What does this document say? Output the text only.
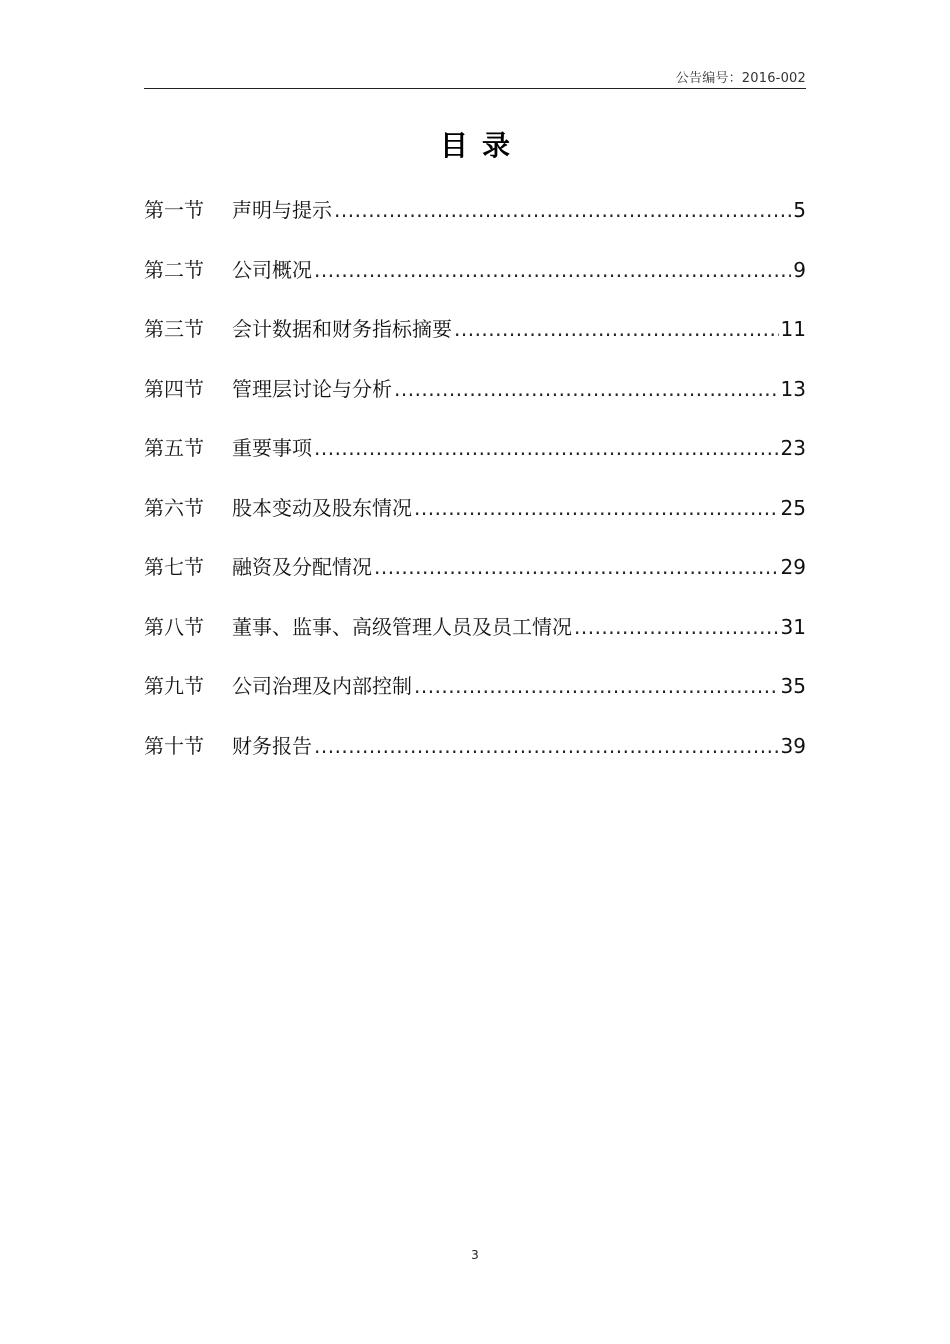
公告编号：2016-002
目录
第一节	声明与提示 .....	5
第二节	公司概况 .....	9
第三节	会计数据和财务指标摘要 .....	11
第四节	管理层讨论与分析 .....	13
第五节	重要事项 .....	23
第六节	股本变动及股东情况 .....	25
第七节	融资及分配情况 .....	29
第八节	董事、监事、高级管理人员及员工情况 .....	31
第九节	公司治理及内部控制 .....	35
第十节	财务报告 .....	39
3
